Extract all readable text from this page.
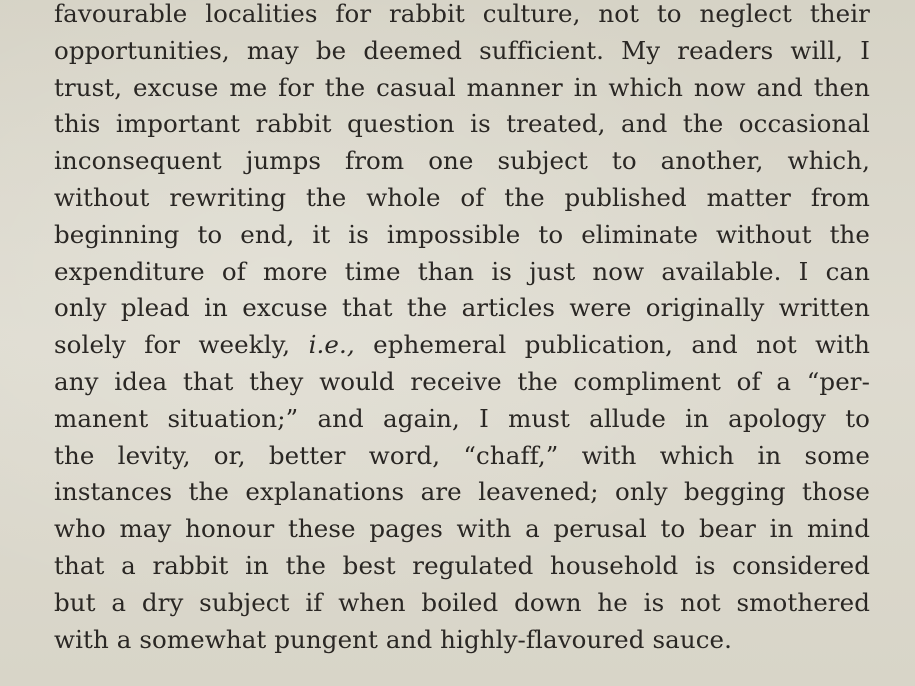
favourable localities for rabbit culture, not to neglect their
opportunities, may be deemed sufficient. My readers will, I
trust, excuse me for the casual manner in which now and then
this important rabbit question is treated, and the occasional
inconsequent jumps from one subject to another, which,
without rewriting the whole of the published matter from
beginning to end, it is impossible to eliminate without the
expenditure of more time than is just now available. I can
only plead in excuse that the articles were originally written
solely for weekly, i.e., ephemeral publication, and not with
any idea that they would receive the compliment of a “per-
manent situation;” and again, I must allude in apology to
the levity, or, better word, “chaff,” with which in some
instances the explanations are leavened; only begging those
who may honour these pages with a perusal to bear in mind
that a rabbit in the best regulated household is considered
but a dry subject if when boiled down he is not smothered
with a somewhat pungent and highly-flavoured sauce.
